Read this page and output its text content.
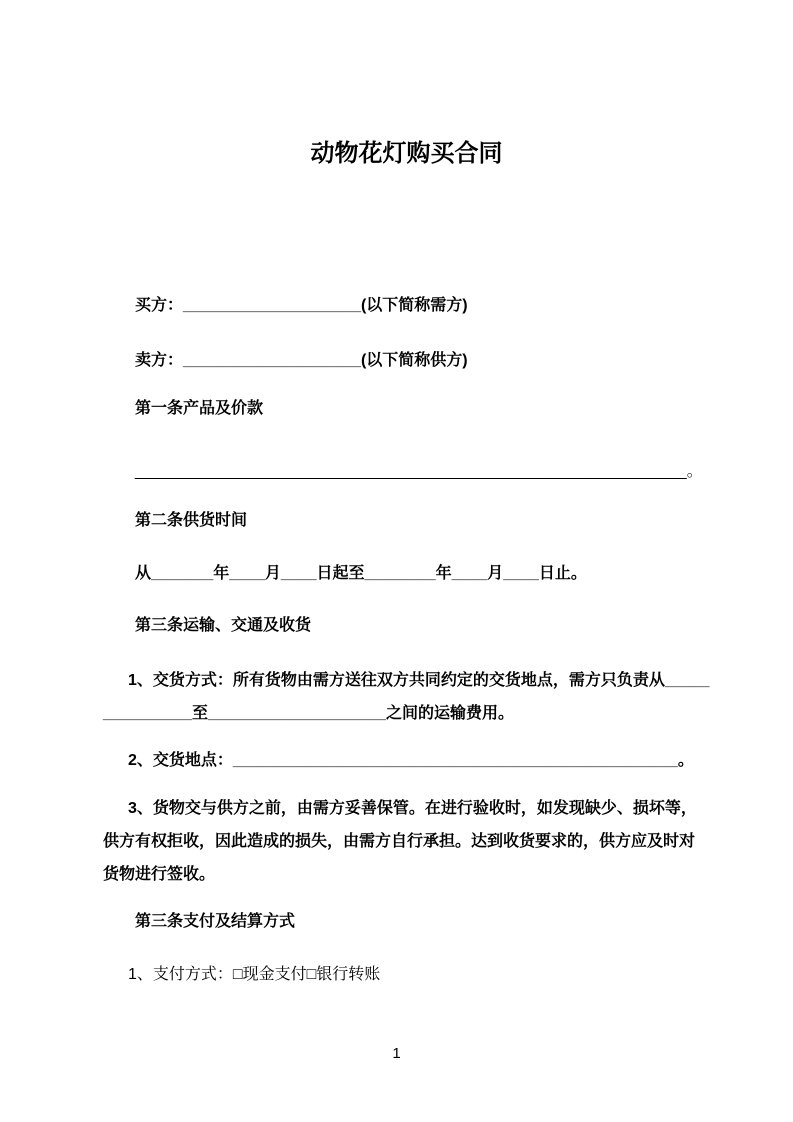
动物花灯购买合同

买方：____________________(以下简称需方)

卖方：____________________(以下简称供方)

第一条产品及价款

______________________________________________________________。

第二条供货时间

从_______年____月____日起至________年____月____日止。

第三条运输、交通及收货

1、交货方式：所有货物由需方送往双方共同约定的交货地点，需方只负责从_______________至____________________之间的运输费用。

2、交货地点：__________________________________________________。

3、货物交与供方之前，由需方妥善保管。在进行验收时，如发现缺少、损坏等，供方有权拒收，因此造成的损失，由需方自行承担。达到收货要求的，供方应及时对货物进行签收。

第三条支付及结算方式

1、支付方式：□现金支付□银行转账

1
